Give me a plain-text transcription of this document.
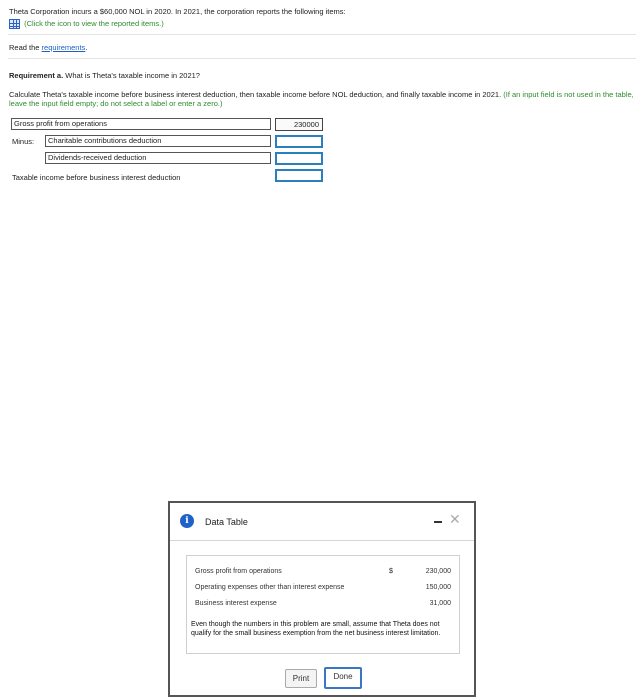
Theta Corporation incurs a $60,000 NOL in 2020. In 2021, the corporation reports the following items:
(Click the icon to view the reported items.)
Read the requirements.
Requirement a. What is Theta's taxable income in 2021?
Calculate Theta's taxable income before business interest deduction, then taxable income before NOL deduction, and finally taxable income in 2021. (If an input field is not used in the table, leave the input field empty; do not select a label or enter a zero.)
Gross profit from operations	230000
Minus:	Charitable contributions deduction
Dividends-received deduction
Taxable income before business interest deduction
i	Data Table	✕
Gross profit from operations	$	230,000
Operating expenses other than interest expense	150,000
Business interest expense	31,000
Even though the numbers in this problem are small, assume that Theta does not qualify for the small business exemption from the net business interest limitation.
Print	Done
